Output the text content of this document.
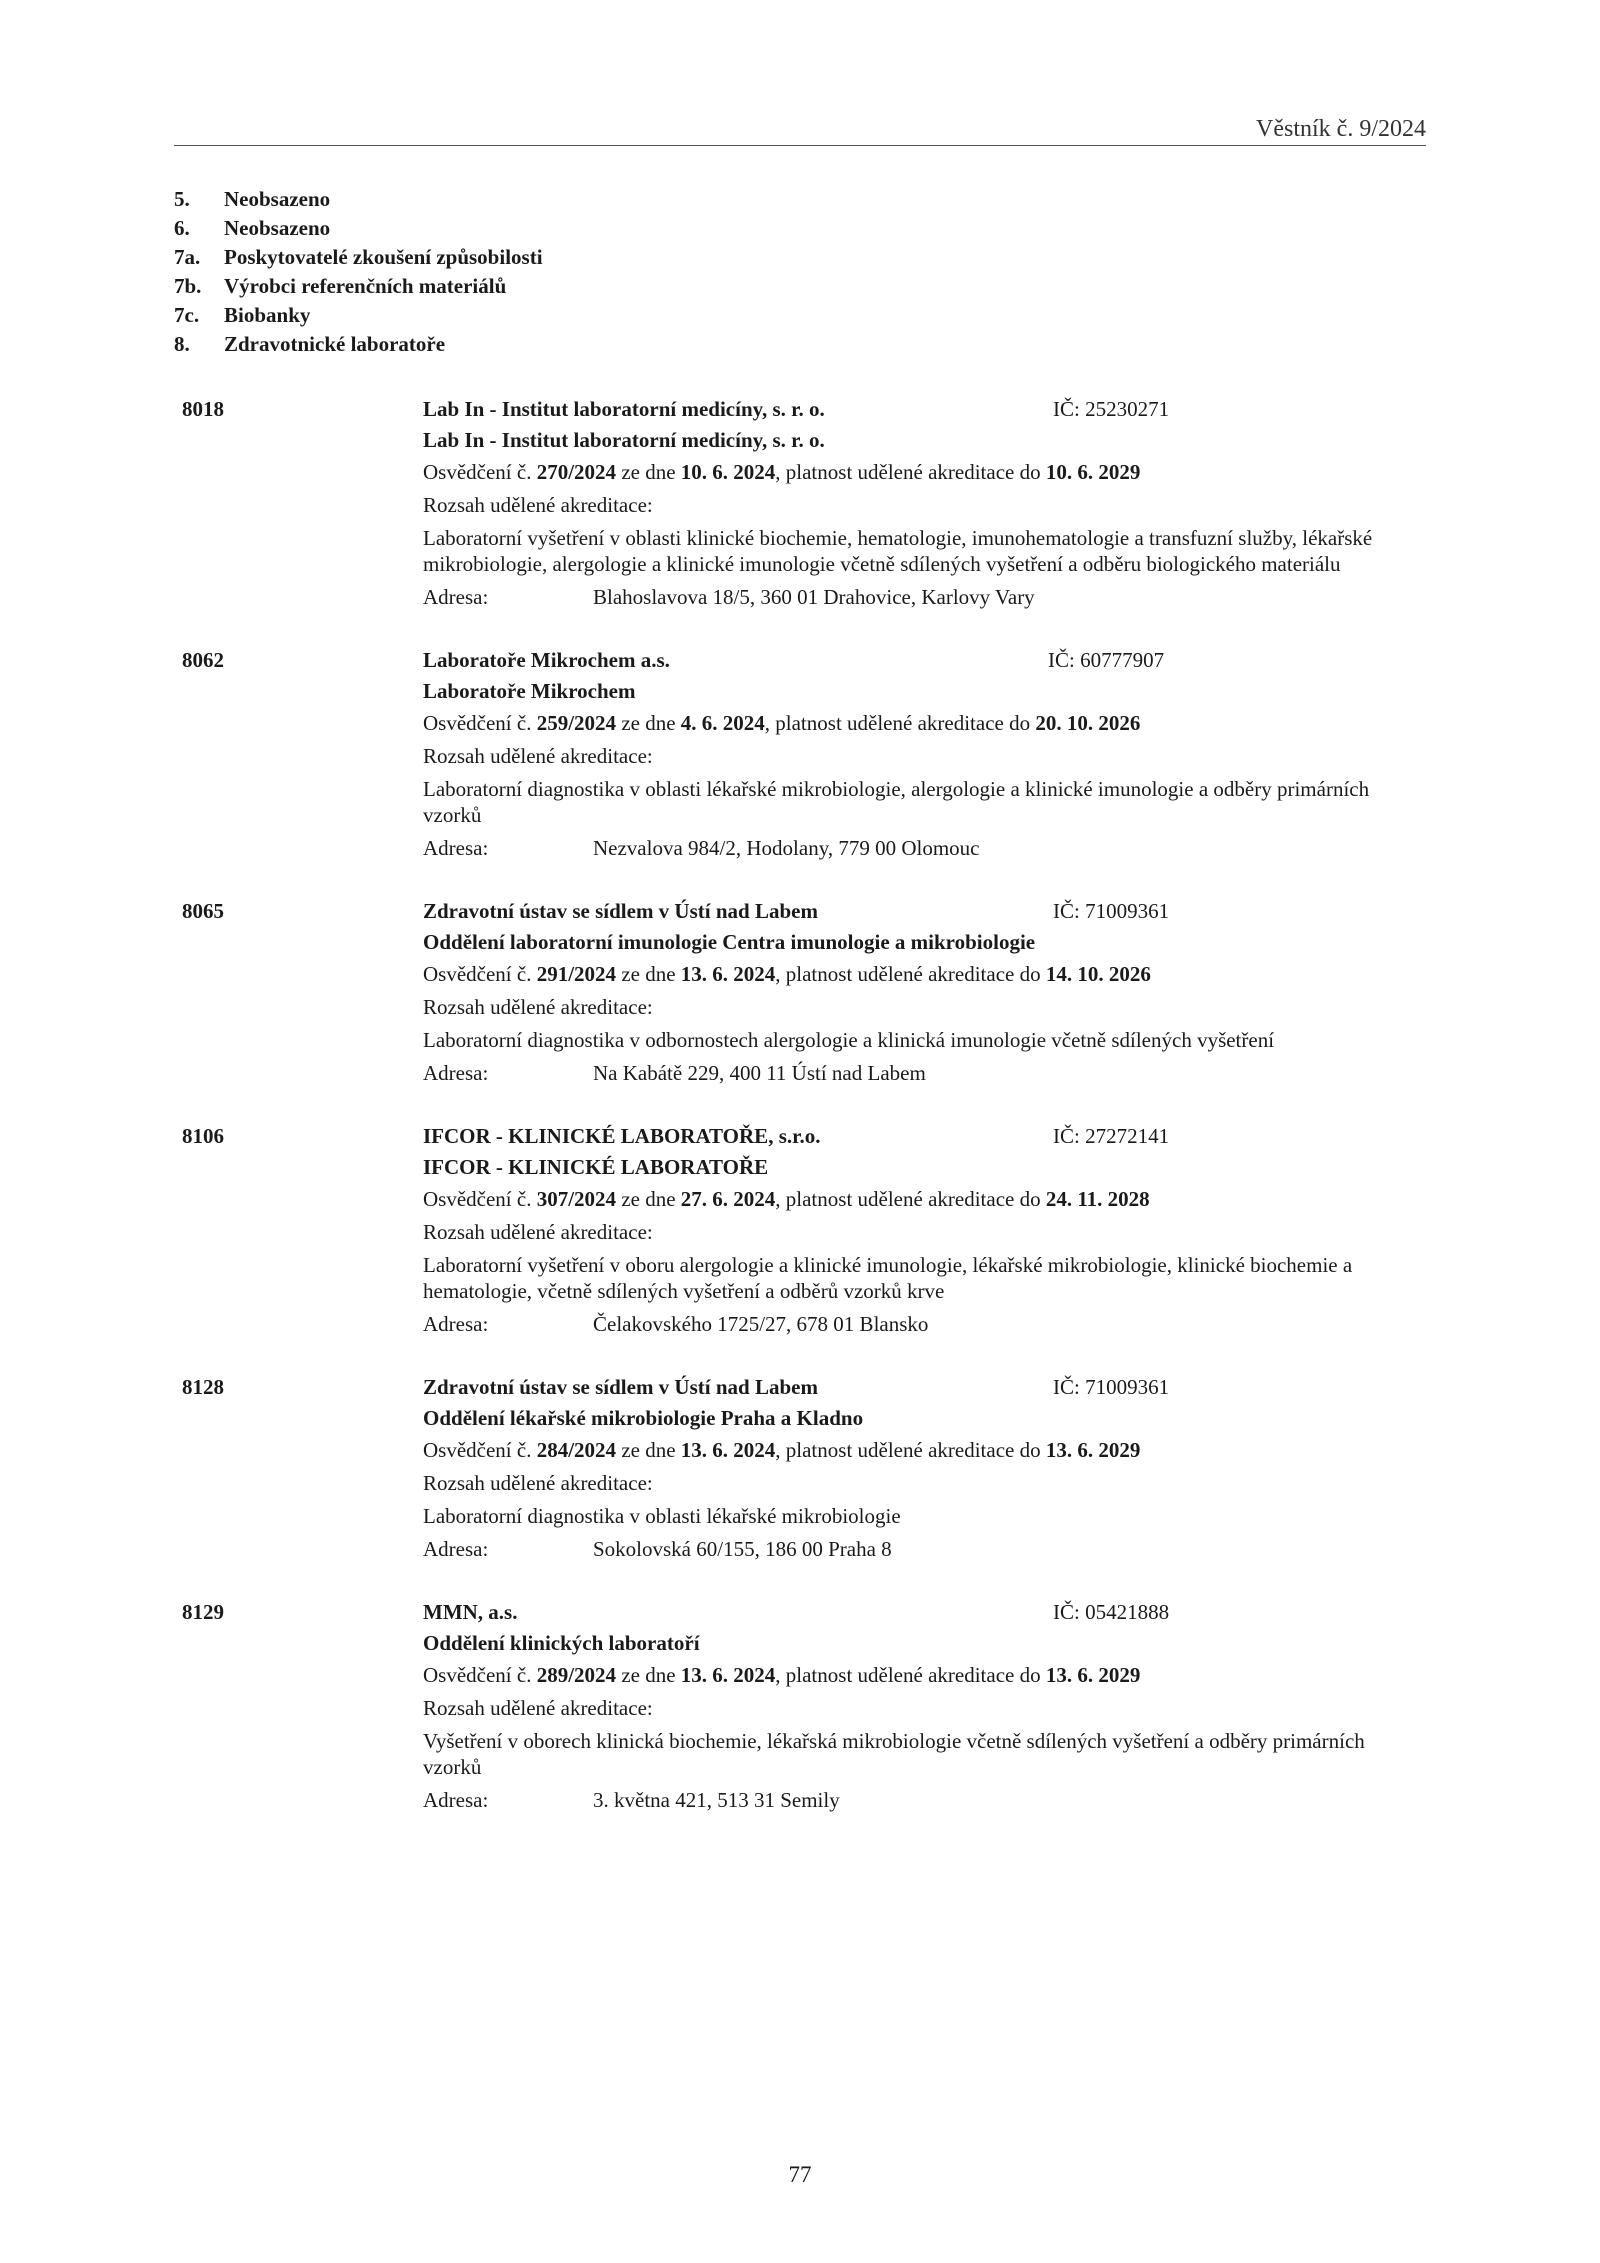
Věstník č. 9/2024
5. Neobsazeno
6. Neobsazeno
7a. Poskytovatelé zkoušení způsobilosti
7b. Výrobci referenčních materiálů
7c. Biobanky
8. Zdravotnické laboratoře
8018	Lab In - Institut laboratorní medicíny, s. r. o.	IČ: 25230271
Lab In - Institut laboratorní medicíny, s. r. o.
Osvědčení č. 270/2024 ze dne 10. 6. 2024, platnost udělené akreditace do 10. 6. 2029
Rozsah udělené akreditace:
Laboratorní vyšetření v oblasti klinické biochemie, hematologie, imunohematologie a transfuzní služby, lékařské mikrobiologie, alergologie a klinické imunologie včetně sdílených vyšetření a odběru biologického materiálu
Adresa:	Blahoslavova 18/5, 360 01 Drahovice, Karlovy Vary
8062	Laboratoře Mikrochem a.s.	IČ: 60777907
Laboratoře Mikrochem
Osvědčení č. 259/2024 ze dne 4. 6. 2024, platnost udělené akreditace do 20. 10. 2026
Rozsah udělené akreditace:
Laboratorní diagnostika v oblasti lékařské mikrobiologie, alergologie a klinické imunologie a odběry primárních vzorků
Adresa:	Nezvalova 984/2, Hodolany, 779 00 Olomouc
8065	Zdravotní ústav se sídlem v Ústí nad Labem	IČ: 71009361
Oddělení laboratorní imunologie Centra imunologie a mikrobiologie
Osvědčení č. 291/2024 ze dne 13. 6. 2024, platnost udělené akreditace do 14. 10. 2026
Rozsah udělené akreditace:
Laboratorní diagnostika v odbornostech alergologie a klinická imunologie včetně sdílených vyšetření
Adresa:	Na Kabátě 229, 400 11 Ústí nad Labem
8106	IFCOR - KLINICKÉ LABORATOŘE, s.r.o.	IČ: 27272141
IFCOR - KLINICKÉ LABORATOŘE
Osvědčení č. 307/2024 ze dne 27. 6. 2024, platnost udělené akreditace do 24. 11. 2028
Rozsah udělené akreditace:
Laboratorní vyšetření v oboru alergologie a klinické imunologie, lékařské mikrobiologie, klinické biochemie a hematologie, včetně sdílených vyšetření a odběrů vzorků krve
Adresa:	Čelakovského 1725/27, 678 01 Blansko
8128	Zdravotní ústav se sídlem v Ústí nad Labem	IČ: 71009361
Oddělení lékařské mikrobiologie Praha a Kladno
Osvědčení č. 284/2024 ze dne 13. 6. 2024, platnost udělené akreditace do 13. 6. 2029
Rozsah udělené akreditace:
Laboratorní diagnostika v oblasti lékařské mikrobiologie
Adresa:	Sokolovská 60/155, 186 00 Praha 8
8129	MMN, a.s.	IČ: 05421888
Oddělení klinických laboratoří
Osvědčení č. 289/2024 ze dne 13. 6. 2024, platnost udělené akreditace do 13. 6. 2029
Rozsah udělené akreditace:
Vyšetření v oborech klinická biochemie, lékařská mikrobiologie včetně sdílených vyšetření a odběry primárních vzorků
Adresa:	3. května 421, 513 31 Semily
77
